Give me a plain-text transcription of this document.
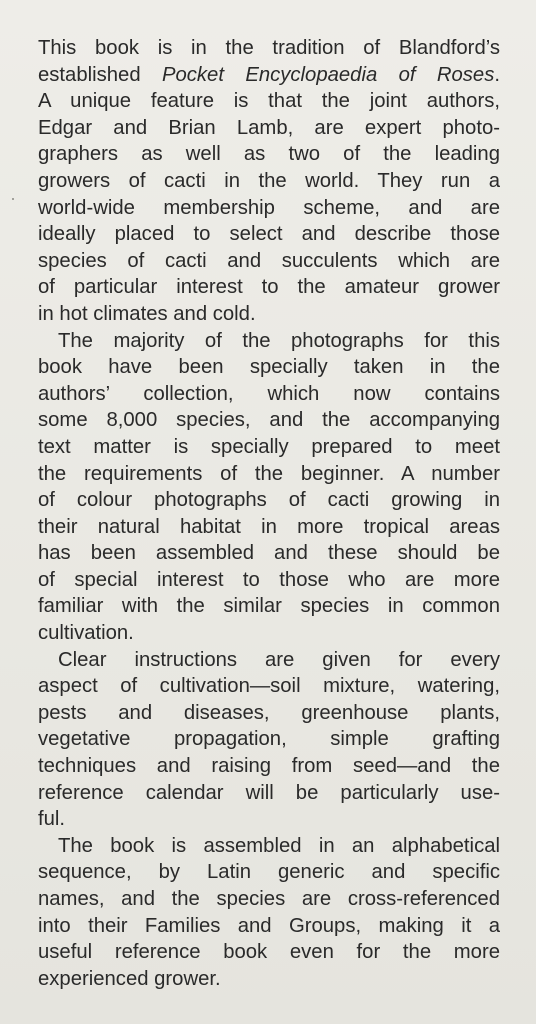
This book is in the tradition of Blandford’s
established Pocket Encyclopaedia of Roses.
A unique feature is that the joint authors,
Edgar and Brian Lamb, are expert photo-
graphers as well as two of the leading
growers of cacti in the world. They run a
world-wide membership scheme, and are
ideally placed to select and describe those
species of cacti and succulents which are
of particular interest to the amateur grower
in hot climates and cold.
The majority of the photographs for this
book have been specially taken in the
authors’ collection, which now contains
some 8,000 species, and the accompanying
text matter is specially prepared to meet
the requirements of the beginner. A number
of colour photographs of cacti growing in
their natural habitat in more tropical areas
has been assembled and these should be
of special interest to those who are more
familiar with the similar species in common
cultivation.
Clear instructions are given for every
aspect of cultivation—soil mixture, watering,
pests and diseases, greenhouse plants,
vegetative propagation, simple grafting
techniques and raising from seed—and the
reference calendar will be particularly use-
ful.
The book is assembled in an alphabetical
sequence, by Latin generic and specific
names, and the species are cross-referenced
into their Families and Groups, making it a
useful reference book even for the more
experienced grower.
